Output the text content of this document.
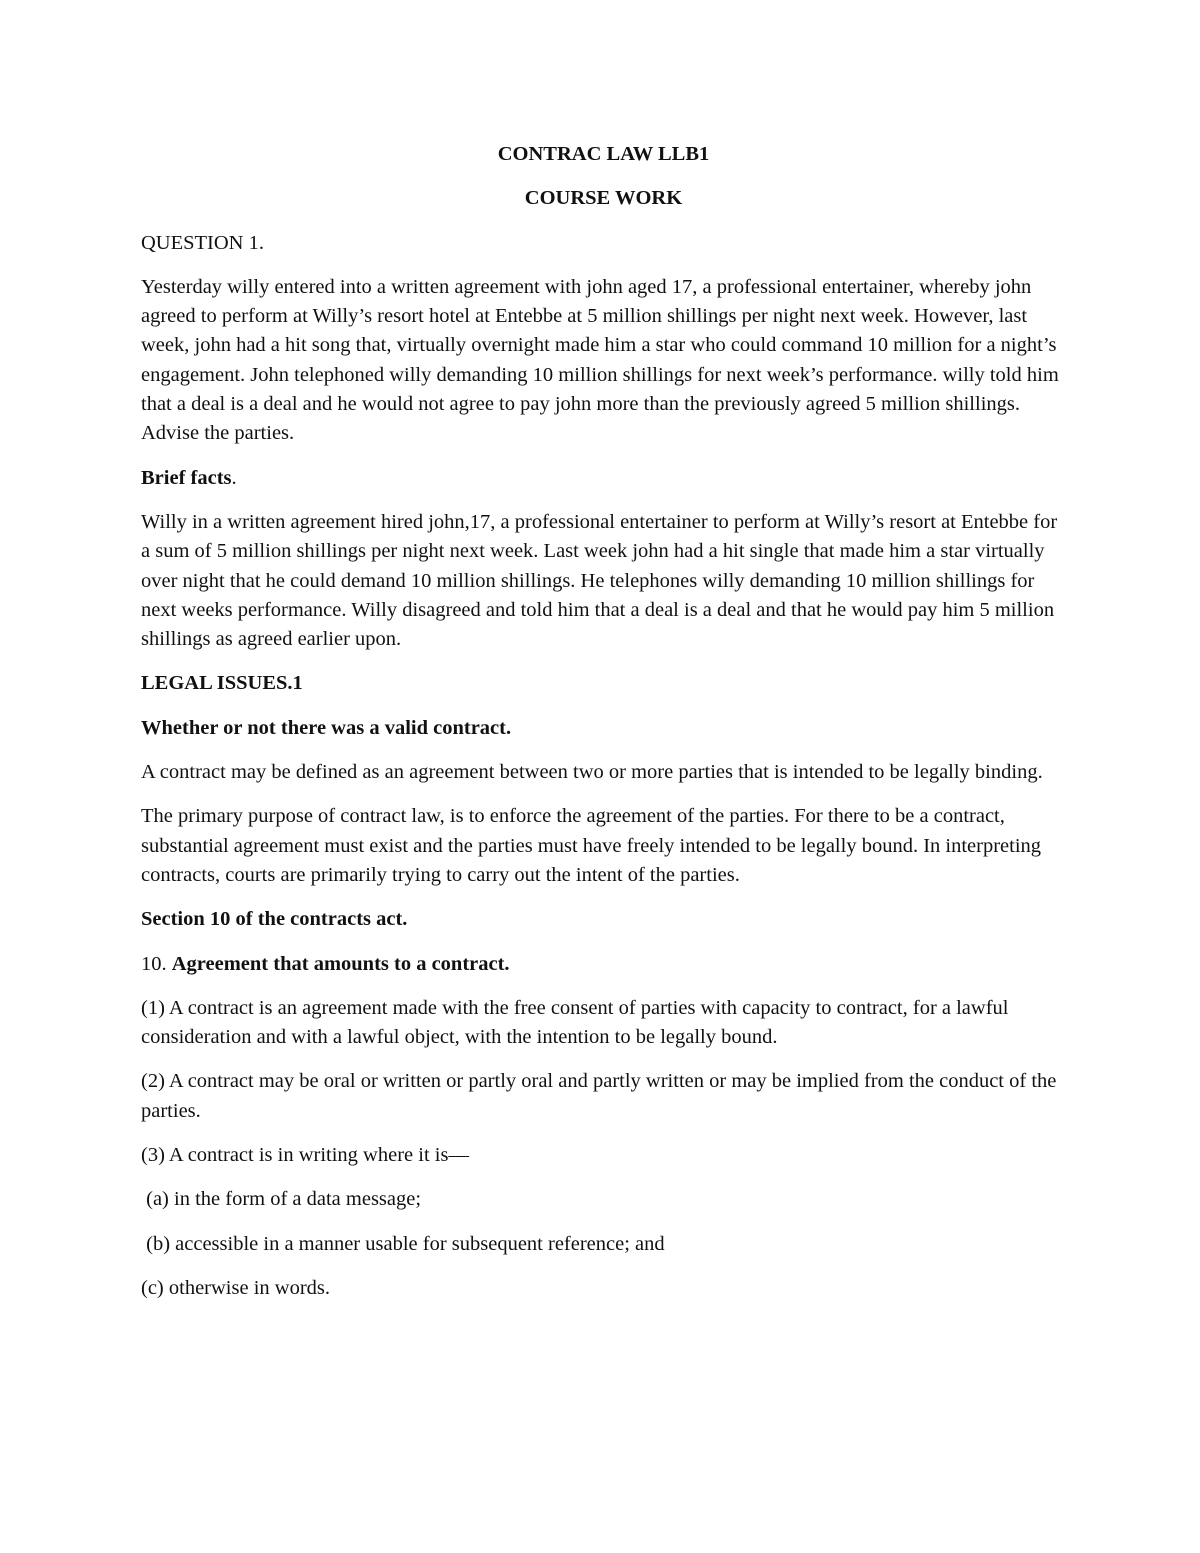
CONTRAC LAW LLB1

COURSE WORK

QUESTION 1.

Yesterday willy entered into a written agreement with john aged 17, a professional entertainer, whereby john agreed to perform at Willy’s resort hotel at Entebbe at 5 million shillings per night next week. However, last week, john had a hit song that, virtually overnight made him a star who could command 10 million for a night’s engagement. John telephoned willy demanding 10 million shillings for next week’s performance. willy told him that a deal is a deal and he would not agree to pay john more than the previously agreed 5 million shillings. Advise the parties.

Brief facts.

Willy in a written agreement hired john,17, a professional entertainer to perform at Willy’s resort at Entebbe for a sum of 5 million shillings per night next week. Last week john had a hit single that made him a star virtually over night that he could demand 10 million shillings. He telephones willy demanding 10 million shillings for next weeks performance. Willy disagreed and told him that a deal is a deal and that he would pay him 5 million shillings as agreed earlier upon.

LEGAL ISSUES.1

Whether or not there was a valid contract.

A contract may be defined as an agreement between two or more parties that is intended to be legally binding.

The primary purpose of contract law, is to enforce the agreement of the parties. For there to be a contract, substantial agreement must exist and the parties must have freely intended to be legally bound. In interpreting contracts, courts are primarily trying to carry out the intent of the parties.

Section 10 of the contracts act.

10. Agreement that amounts to a contract.

(1) A contract is an agreement made with the free consent of parties with capacity to contract, for a lawful consideration and with a lawful object, with the intention to be legally bound.

(2) A contract may be oral or written or partly oral and partly written or may be implied from the conduct of the parties.

(3) A contract is in writing where it is—

(a) in the form of a data message;

(b) accessible in a manner usable for subsequent reference; and

(c) otherwise in words.
